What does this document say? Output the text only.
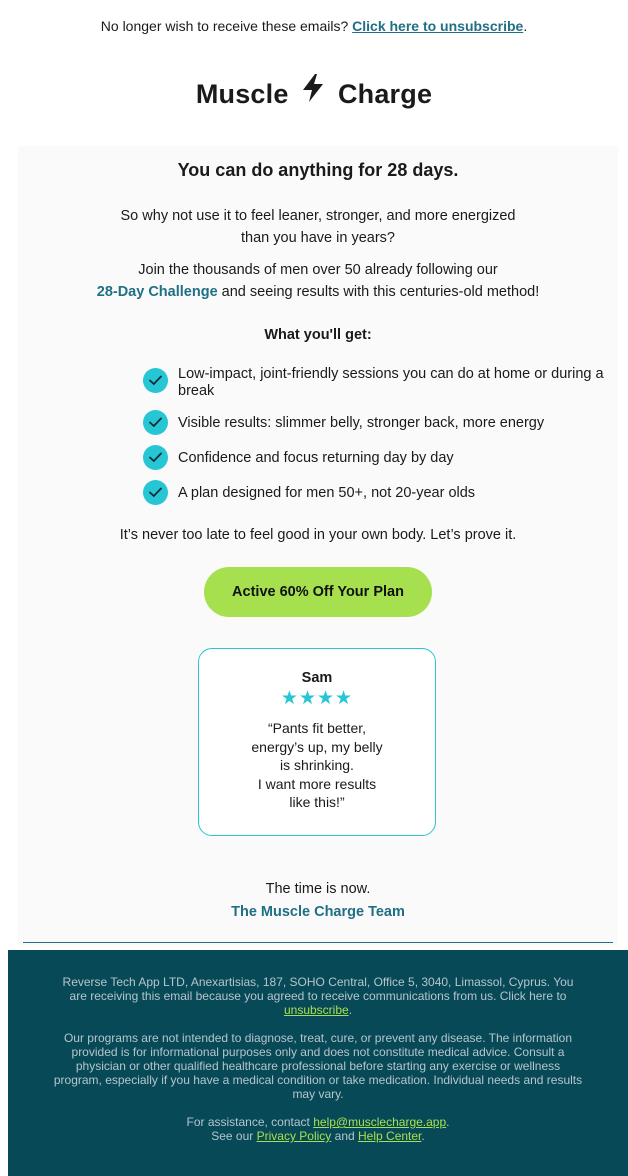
No longer wish to receive these emails? Click here to unsubscribe.
Muscle Charge
You can do anything for 28 days.
So why not use it to feel leaner, stronger, and more energized
than you have in years?
Join the thousands of men over 50 already following our
28-Day Challenge and seeing results with this centuries-old method!
What you'll get:
Low-impact, joint-friendly sessions you can do at home or during a break
Visible results: slimmer belly, stronger back, more energy
Confidence and focus returning day by day
A plan designed for men 50+, not 20-year olds
It’s never too late to feel good in your own body. Let’s prove it.
Active 60% Off Your Plan
Sam
★★★★
“Pants fit better,
energy’s up, my belly
is shrinking.
I want more results
like this!”
The time is now.
The Muscle Charge Team
Reverse Tech App LTD, Anexartisias, 187, SOHO Central, Office 5, 3040, Limassol, Cyprus. You are receiving this email because you agreed to receive communications from us. Click here to unsubscribe.
Our programs are not intended to diagnose, treat, cure, or prevent any disease. The information provided is for informational purposes only and does not constitute medical advice. Consult a physician or other qualified healthcare professional before starting any exercise or wellness program, especially if you have a medical condition or take medication. Individual needs and results may vary.
For assistance, contact help@musclecharge.app.
See our Privacy Policy and Help Center.
